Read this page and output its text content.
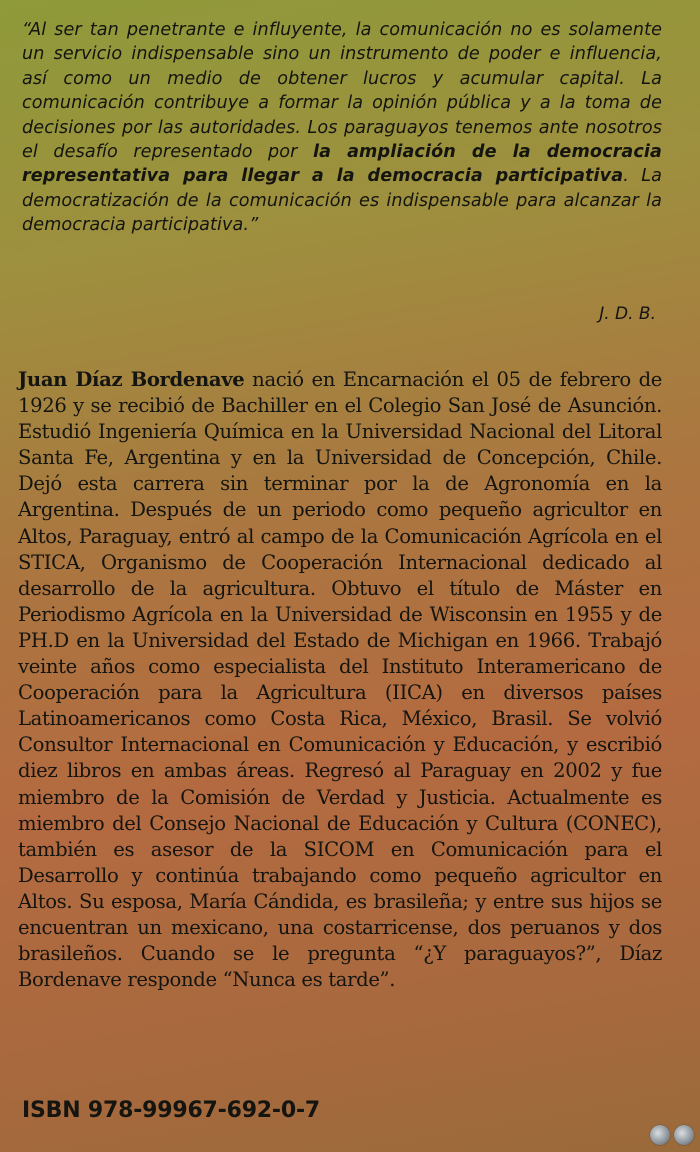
“Al ser tan penetrante e influyente, la comunicación no es solamente un servicio indispensable sino un instrumento de poder e influencia, así como un medio de obtener lucros y acumular capital. La comunicación contribuye a formar la opinión pública y a la toma de decisiones por las autoridades. Los paraguayos tenemos ante nosotros el desafío representado por la ampliación de la democracia representativa para llegar a la democracia participativa. La democratización de la comunicación es indispensable para alcanzar la democracia participativa.”
J. D. B.
Juan Díaz Bordenave nació en Encarnación el 05 de febrero de 1926 y se recibió de Bachiller en el Colegio San José de Asunción. Estudió Ingeniería Química en la Universidad Nacional del Litoral Santa Fe, Argentina y en la Universidad de Concepción, Chile. Dejó esta carrera sin terminar por la de Agronomía en la Argentina. Después de un periodo como pequeño agricultor en Altos, Paraguay, entró al campo de la Comunicación Agrícola en el STICA, Organismo de Cooperación Internacional dedicado al desarrollo de la agricultura. Obtuvo el título de Máster en Periodismo Agrícola en la Universidad de Wisconsin en 1955 y de PH.D en la Universidad del Estado de Michigan en 1966. Trabajó veinte años como especialista del Instituto Interamericano de Cooperación para la Agricultura (IICA) en diversos países Latinoamericanos como Costa Rica, México, Brasil. Se volvió Consultor Internacional en Comunicación y Educación, y escribió diez libros en ambas áreas. Regresó al Paraguay en 2002 y fue miembro de la Comisión de Verdad y Justicia. Actualmente es miembro del Consejo Nacional de Educación y Cultura (CONEC), también es asesor de la SICOM en Comunicación para el Desarrollo y continúa trabajando como pequeño agricultor en Altos. Su esposa, María Cándida, es brasileña; y entre sus hijos se encuentran un mexicano, una costarricense, dos peruanos y dos brasileños. Cuando se le pregunta “¿Y paraguayos?”, Díaz Bordenave responde “Nunca es tarde”.
ISBN 978-99967-692-0-7
